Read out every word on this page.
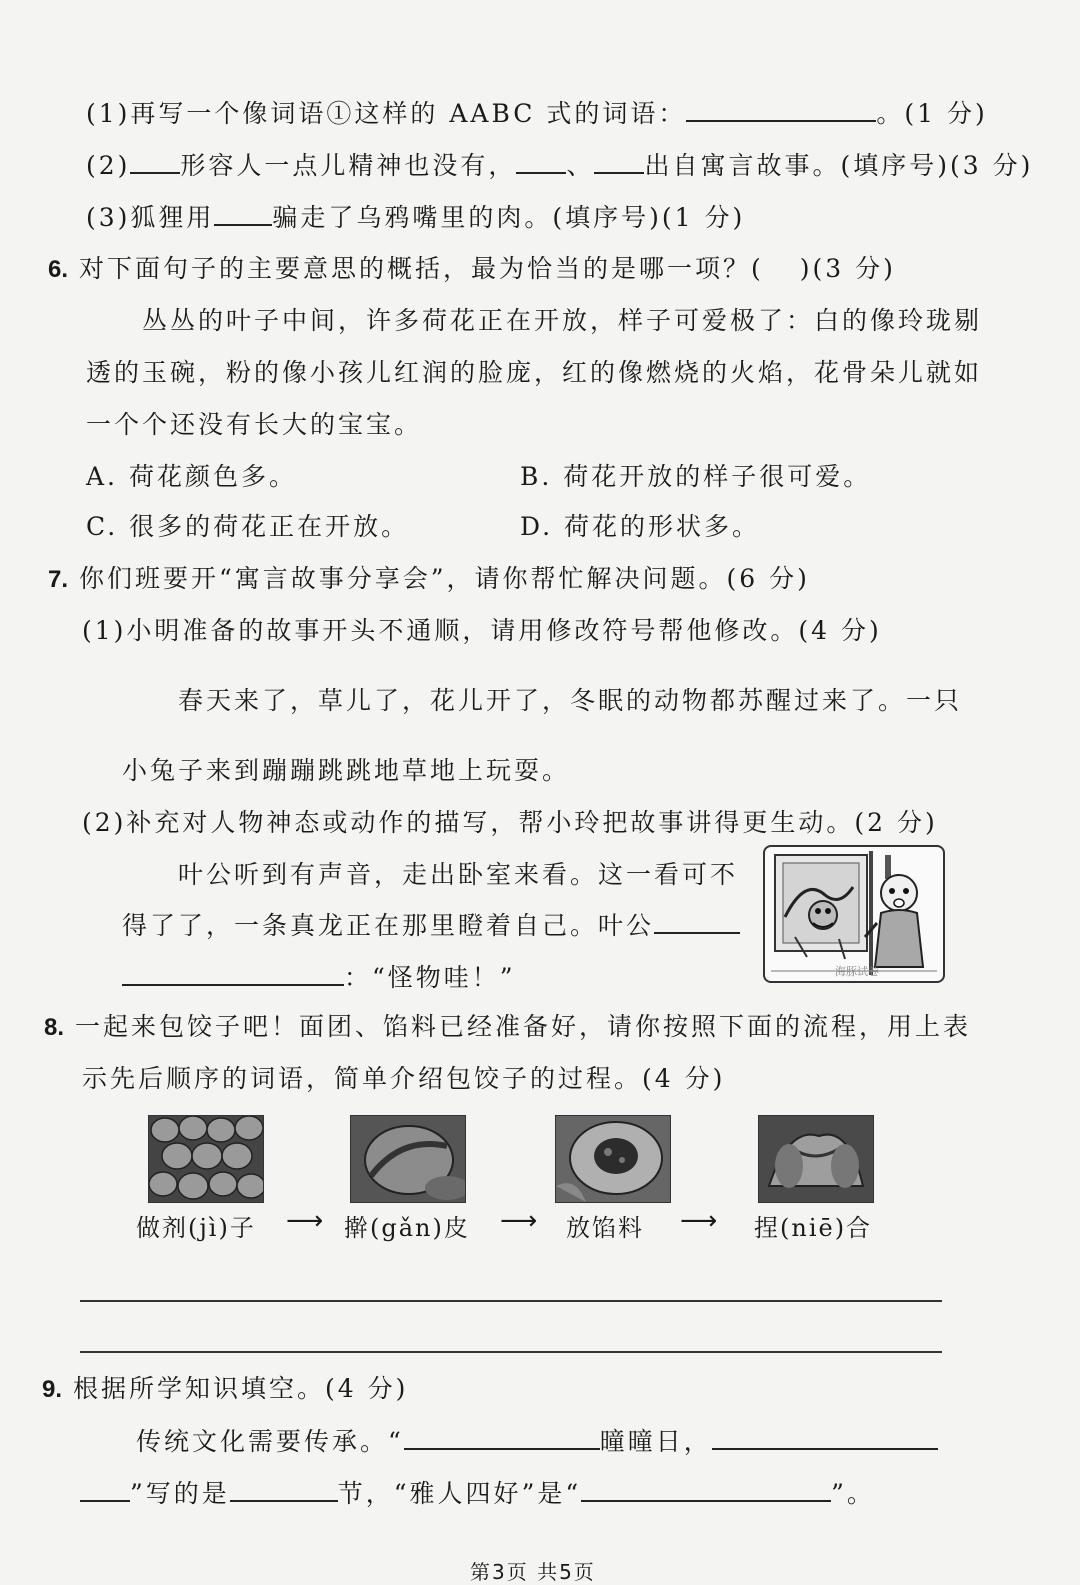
(1)再写一个像词语①这样的 AABC 式的词语：	。(1 分)
(2) 形容人一点儿精神也没有， 、 出自寓言故事。(填序号)(3 分)
(3)狐狸用 骗走了乌鸦嘴里的肉。(填序号)(1 分)
6. 对下面句子的主要意思的概括，最为恰当的是哪一项？( )(3 分)
丛丛的叶子中间，许多荷花正在开放，样子可爱极了：白的像玲珑剔
透的玉碗，粉的像小孩儿红润的脸庞，红的像燃烧的火焰，花骨朵儿就如
一个个还没有长大的宝宝。
A. 荷花颜色多。	B. 荷花开放的样子很可爱。
C. 很多的荷花正在开放。	D. 荷花的形状多。
7. 你们班要开“寓言故事分享会”，请你帮忙解决问题。(6 分)
(1)小明准备的故事开头不通顺，请用修改符号帮他修改。(4 分)
春天来了，草儿了，花儿开了，冬眠的动物都苏醒过来了。一只
小兔子来到蹦蹦跳跳地草地上玩耍。
(2)补充对人物神态或动作的描写，帮小玲把故事讲得更生动。(2 分)
叶公听到有声音，走出卧室来看。这一看可不
得了了，一条真龙正在那里瞪着自己。叶公
：“怪物哇！”	海豚试卷
8. 一起来包饺子吧！面团、馅料已经准备好，请你按照下面的流程，用上表
示先后顺序的词语，简单介绍包饺子的过程。(4 分)
做剂(jì)子 ⟶ 擀(gǎn)皮 ⟶ 放馅料 ⟶ 捏(niē)合
9. 根据所学知识填空。(4 分)
传统文化需要传承。“	曈曈日，
”写的是	节，“雅人四好”是“	”。
第3页 共5页
